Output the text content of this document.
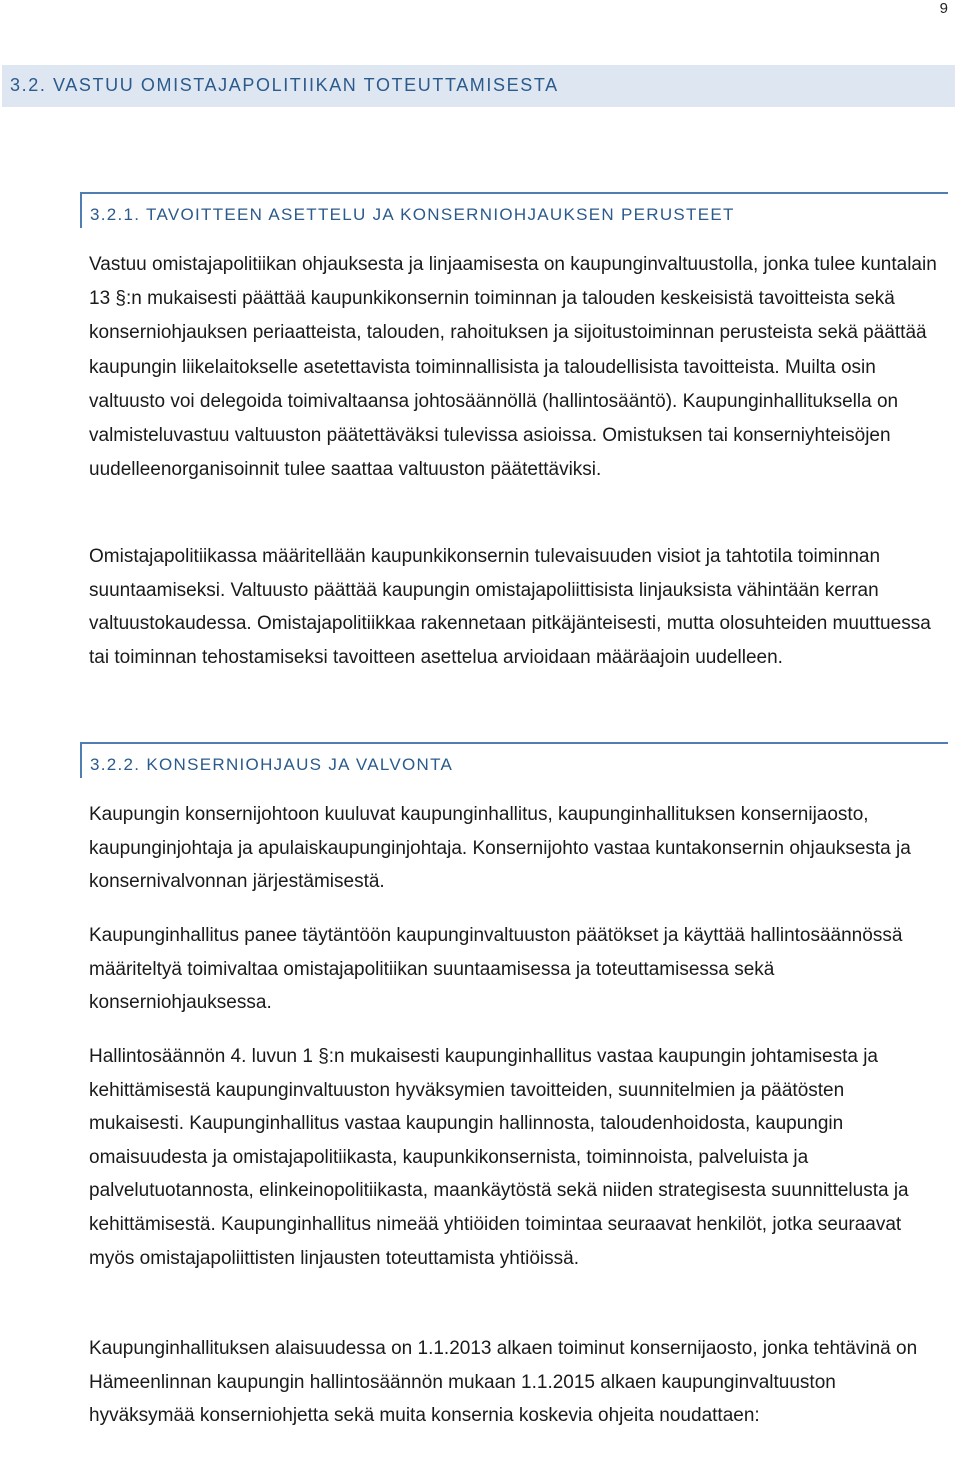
9
3.2. VASTUU OMISTAJAPOLITIIKAN TOTEUTTAMISESTA
3.2.1. TAVOITTEEN ASETTELU JA KONSERNIOHJAUKSEN PERUSTEET

Vastuu omistajapolitiikan ohjauksesta ja linjaamisesta on kaupunginvaltuustolla, jonka tulee kuntalain 13 §:n mukaisesti päättää kaupunkikonsernin toiminnan ja talouden keskeisistä tavoitteista sekä konserniohjauksen periaatteista, talouden, rahoituksen ja sijoitustoiminnan perusteista sekä päättää kaupungin liikelaitokselle asetettavista toiminnallisista ja taloudellisista tavoitteista. Muilta osin valtuusto voi delegoida toimivaltaansa johtosäännöllä (hallintosääntö). Kaupunginhallituksella on valmisteluvastuu valtuuston päätettäväksi tulevissa asioissa. Omistuksen tai konserniyhteisöjen uudelleenorganisoinnit tulee saattaa valtuuston päätettäviksi.

Omistajapolitiikassa määritellään kaupunkikonsernin tulevaisuuden visiot ja tahtotila toiminnan suuntaamiseksi. Valtuusto päättää kaupungin omistajapoliittisista linjauksista vähintään kerran valtuustokaudessa. Omistajapolitiikkaa rakennetaan pitkäjänteisesti, mutta olosuhteiden muuttuessa tai toiminnan tehostamiseksi tavoitteen asettelua arvioidaan määräajoin uudelleen.

3.2.2. KONSERNIOHJAUS JA VALVONTA

Kaupungin konsernijohtoon kuuluvat kaupunginhallitus, kaupunginhallituksen konsernijaosto, kaupunginjohtaja ja apulaiskaupunginjohtaja. Konsernijohto vastaa kuntakonsernin ohjauksesta ja konsernivalvonnan järjestämisestä.

Kaupunginhallitus panee täytäntöön kaupunginvaltuuston päätökset ja käyttää hallintosäännössä määriteltyä toimivaltaa omistajapolitiikan suuntaamisessa ja toteuttamisessa sekä konserniohjauksessa.

Hallintosäännön 4. luvun 1 §:n mukaisesti kaupunginhallitus vastaa kaupungin johtamisesta ja kehittämisestä kaupunginvaltuuston hyväksymien tavoitteiden, suunnitelmien ja päätösten mukaisesti. Kaupunginhallitus vastaa kaupungin hallinnosta, taloudenhoidosta, kaupungin omaisuudesta ja omistajapolitiikasta, kaupunkikonsernista, toiminnoista, palveluista ja palvelutuotannosta, elinkeinopolitiikasta, maankäytöstä sekä niiden strategisesta suunnittelusta ja kehittämisestä. Kaupunginhallitus nimeää yhtiöiden toimintaa seuraavat henkilöt, jotka seuraavat myös omistajapoliittisten linjausten toteuttamista yhtiöissä.

Kaupunginhallituksen alaisuudessa on 1.1.2013 alkaen toiminut konsernijaosto, jonka tehtävinä on Hämeenlinnan kaupungin hallintosäännön mukaan 1.1.2015 alkaen kaupunginvaltuuston hyväksymää konserniohjetta sekä muita konsernia koskevia ohjeita noudattaen:
